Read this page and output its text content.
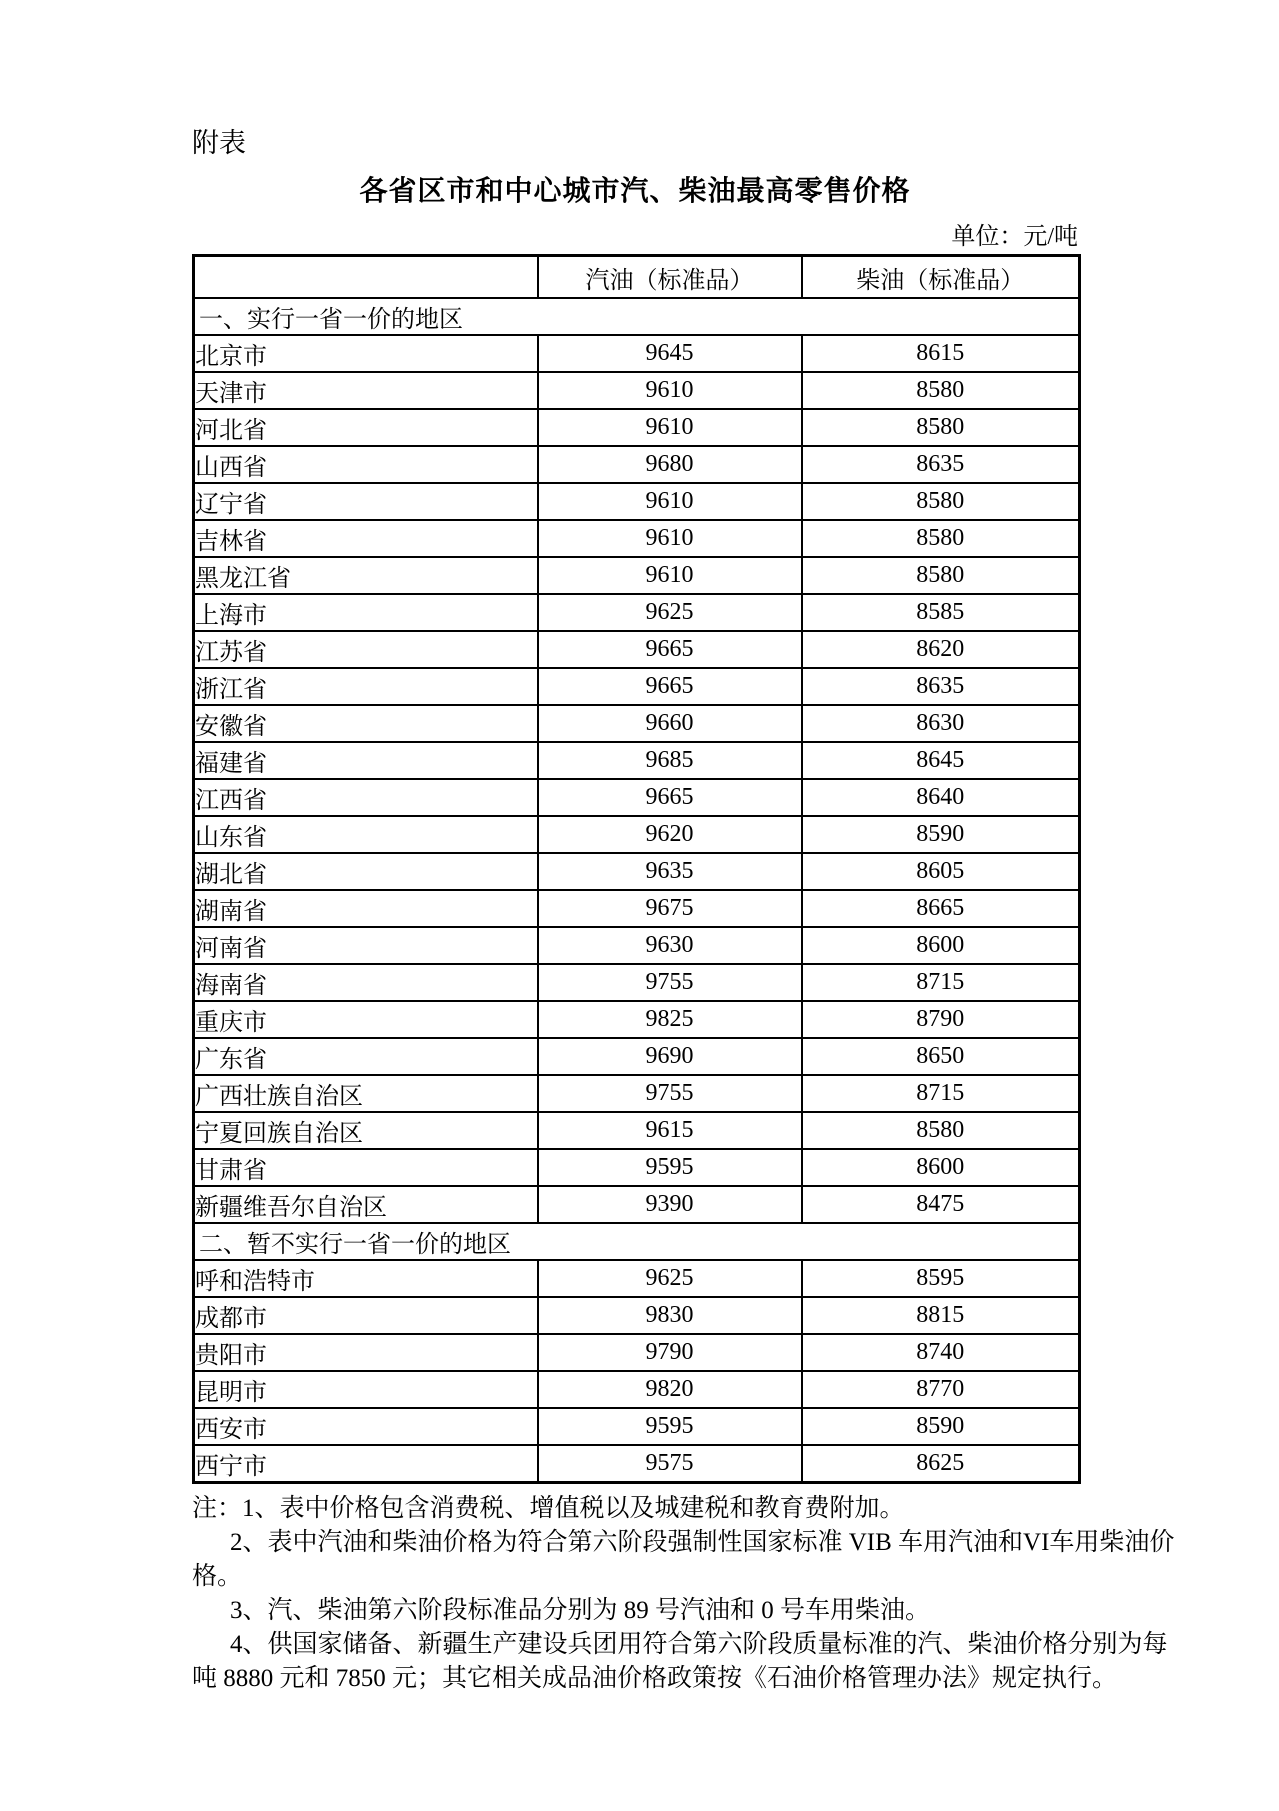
附表
各省区市和中心城市汽、柴油最高零售价格
单位：元/吨
	汽油（标准品）	柴油（标准品）
一、实行一省一价的地区		
北京市	9645	8615
天津市	9610	8580
河北省	9610	8580
山西省	9680	8635
辽宁省	9610	8580
吉林省	9610	8580
黑龙江省	9610	8580
上海市	9625	8585
江苏省	9665	8620
浙江省	9665	8635
安徽省	9660	8630
福建省	9685	8645
江西省	9665	8640
山东省	9620	8590
湖北省	9635	8605
湖南省	9675	8665
河南省	9630	8600
海南省	9755	8715
重庆市	9825	8790
广东省	9690	8650
广西壮族自治区	9755	8715
宁夏回族自治区	9615	8580
甘肃省	9595	8600
新疆维吾尔自治区	9390	8475
二、暂不实行一省一价的地区		
呼和浩特市	9625	8595
成都市	9830	8815
贵阳市	9790	8740
昆明市	9820	8770
西安市	9595	8590
西宁市	9575	8625
注：1、表中价格包含消费税、增值税以及城建税和教育费附加。
2、表中汽油和柴油价格为符合第六阶段强制性国家标准 VIB 车用汽油和VI车用柴油价
格。
3、汽、柴油第六阶段标准品分别为 89 号汽油和 0 号车用柴油。
4、供国家储备、新疆生产建设兵团用符合第六阶段质量标准的汽、柴油价格分别为每
吨 8880 元和 7850 元；其它相关成品油价格政策按《石油价格管理办法》规定执行。
